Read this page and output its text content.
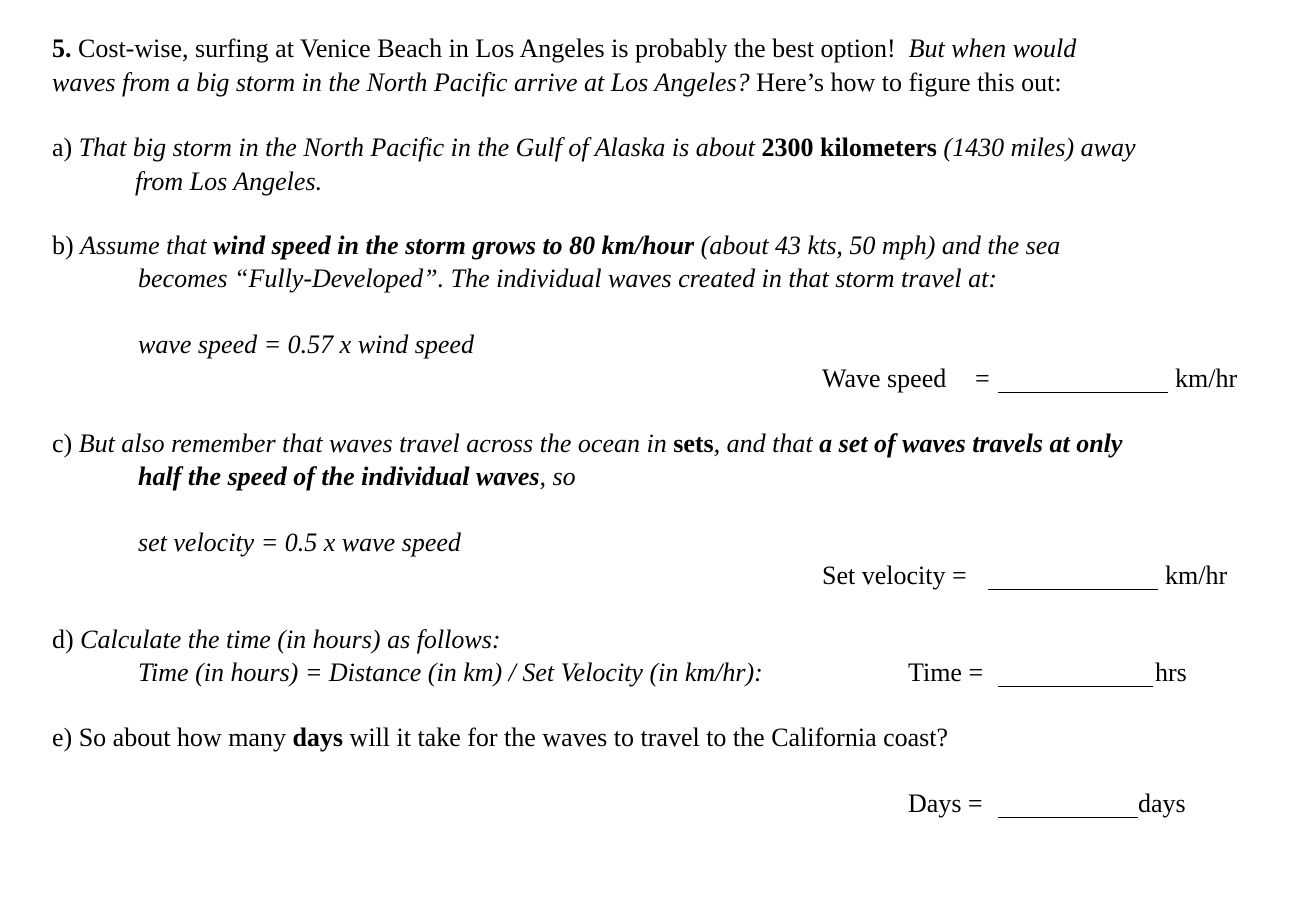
5. Cost-wise, surfing at Venice Beach in Los Angeles is probably the best option!  But when would
waves from a big storm in the North Pacific arrive at Los Angeles? Here’s how to figure this out:
a) That big storm in the North Pacific in the Gulf of Alaska is about 2300 kilometers (1430 miles) away
from Los Angeles.
b) Assume that wind speed in the storm grows to 80 km/hour (about 43 kts, 50 mph) and the sea
becomes “Fully-Developed”. The individual waves created in that storm travel at:
wave speed = 0.57 x wind speed
Wave speed =	km/hr
c) But also remember that waves travel across the ocean in sets, and that a set of waves travels at only
half the speed of the individual waves, so
set velocity = 0.5 x wave speed
Set velocity =	km/hr
d) Calculate the time (in hours) as follows:
Time (in hours) = Distance (in km) / Set Velocity (in km/hr):	Time =	hrs
e) So about how many days will it take for the waves to travel to the California coast?
Days =	days
